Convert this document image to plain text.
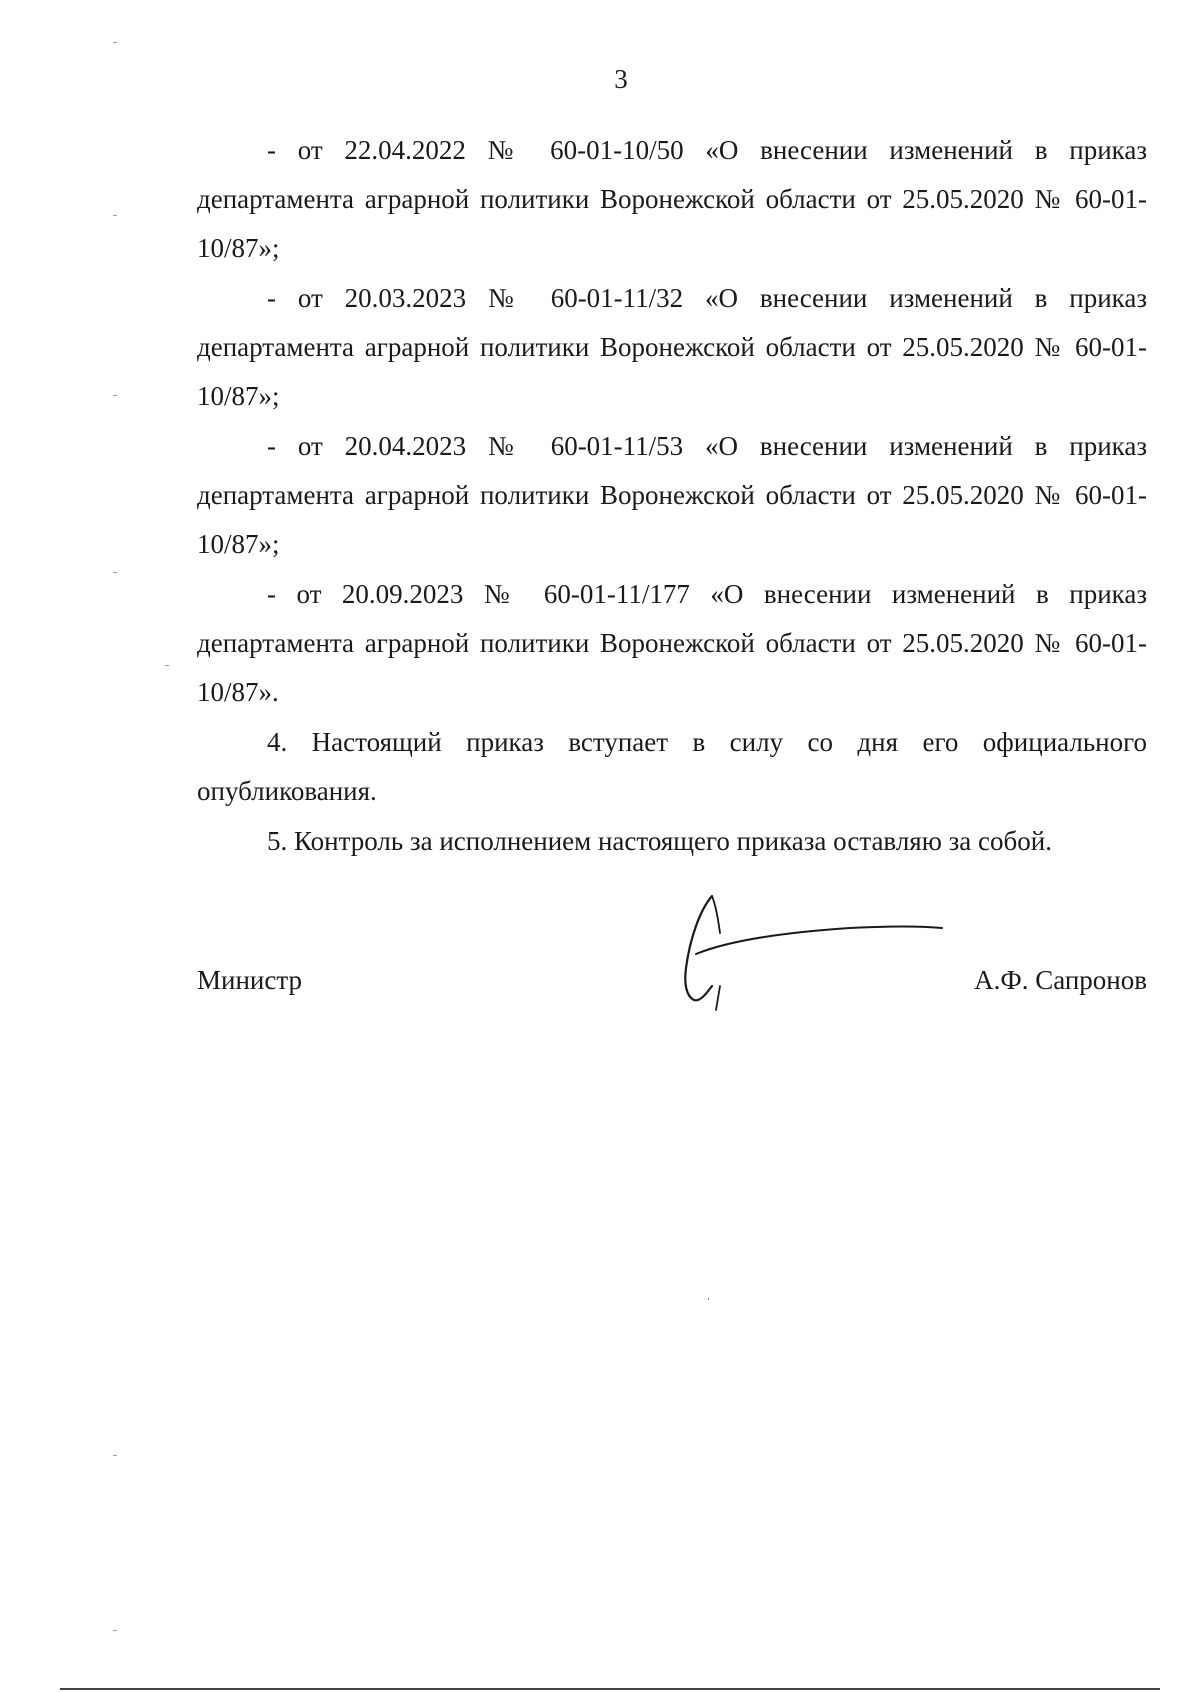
3

- от 22.04.2022 № 60-01-10/50 «О внесении изменений в приказ департамента аграрной политики Воронежской области от 25.05.2020 № 60-01-10/87»;

- от 20.03.2023 № 60-01-11/32 «О внесении изменений в приказ департамента аграрной политики Воронежской области от 25.05.2020 № 60-01-10/87»;

- от 20.04.2023 № 60-01-11/53 «О внесении изменений в приказ департамента аграрной политики Воронежской области от 25.05.2020 № 60-01-10/87»;

- от 20.09.2023 № 60-01-11/177 «О внесении изменений в приказ департамента аграрной политики Воронежской области от 25.05.2020 № 60-01-10/87».

4. Настоящий приказ вступает в силу со дня его официального опубликования.

5. Контроль за исполнением настоящего приказа оставляю за собой.

Министр	А.Ф. Сапронов
